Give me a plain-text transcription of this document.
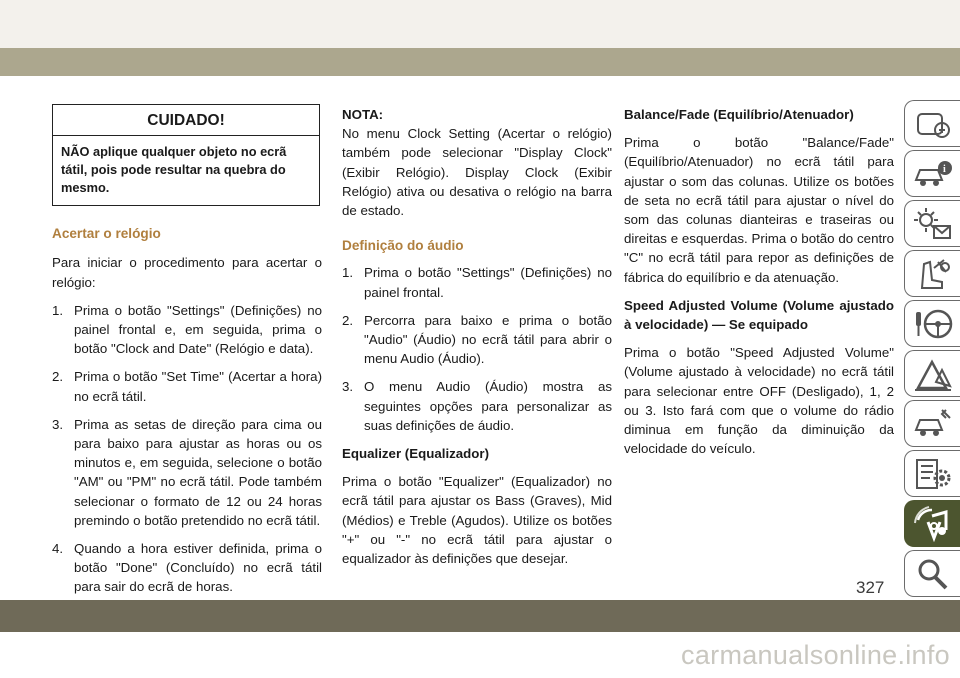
CUIDADO!
NÃO aplique qualquer objeto no ecrã tátil, pois pode resultar na quebra do mesmo.
Acertar o relógio

Para iniciar o procedimento para acertar o relógio:

1. Prima o botão "Settings" (Definições) no painel frontal e, em seguida, prima o botão "Clock and Date" (Relógio e data).
2. Prima o botão "Set Time" (Acertar a hora) no ecrã tátil.
3. Prima as setas de direção para cima ou para baixo para ajustar as horas ou os minutos e, em seguida, selecione o botão "AM" ou "PM" no ecrã tátil. Pode também selecionar o formato de 12 ou 24 horas premindo o botão pretendido no ecrã tátil.
4. Quando a hora estiver definida, prima o botão "Done" (Concluído) no ecrã tátil para sair do ecrã de horas.
NOTA:

No menu Clock Setting (Acertar o relógio) também pode selecionar "Display Clock" (Exibir Relógio). Display Clock (Exibir Relógio) ativa ou desativa o relógio na barra de estado.

Definição do áudio
1. Prima o botão "Settings" (Definições) no painel frontal.
2. Percorra para baixo e prima o botão "Audio" (Áudio) no ecrã tátil para abrir o menu Audio (Áudio).
3. O menu Audio (Áudio) mostra as seguintes opções para personalizar as suas definições de áudio.

Equalizer (Equalizador)

Prima o botão "Equalizer" (Equalizador) no ecrã tátil para ajustar os Bass (Graves), Mid (Médios) e Treble (Agudos). Utilize os botões "+" ou "-" no ecrã tátil para ajustar o equalizador às definições que desejar.

Balance/Fade (Equilíbrio/Atenuador)

Prima o botão "Balance/Fade" (Equilíbrio/Atenuador) no ecrã tátil para ajustar o som das colunas. Utilize os botões de seta no ecrã tátil para ajustar o nível do som das colunas dianteiras e traseiras ou direitas e esquerdas. Prima o botão do centro "C" no ecrã tátil para repor as definições de fábrica do equilíbrio e da atenuação.

Speed Adjusted Volume (Volume ajustado à velocidade) — Se equipado

Prima o botão "Speed Adjusted Volume" (Volume ajustado à velocidade) no ecrã tátil para selecionar entre OFF (Desligado), 1, 2 ou 3. Isto fará com que o volume do rádio diminua em função da diminuição da velocidade do veículo.

i
327
carmanualsonline.info
